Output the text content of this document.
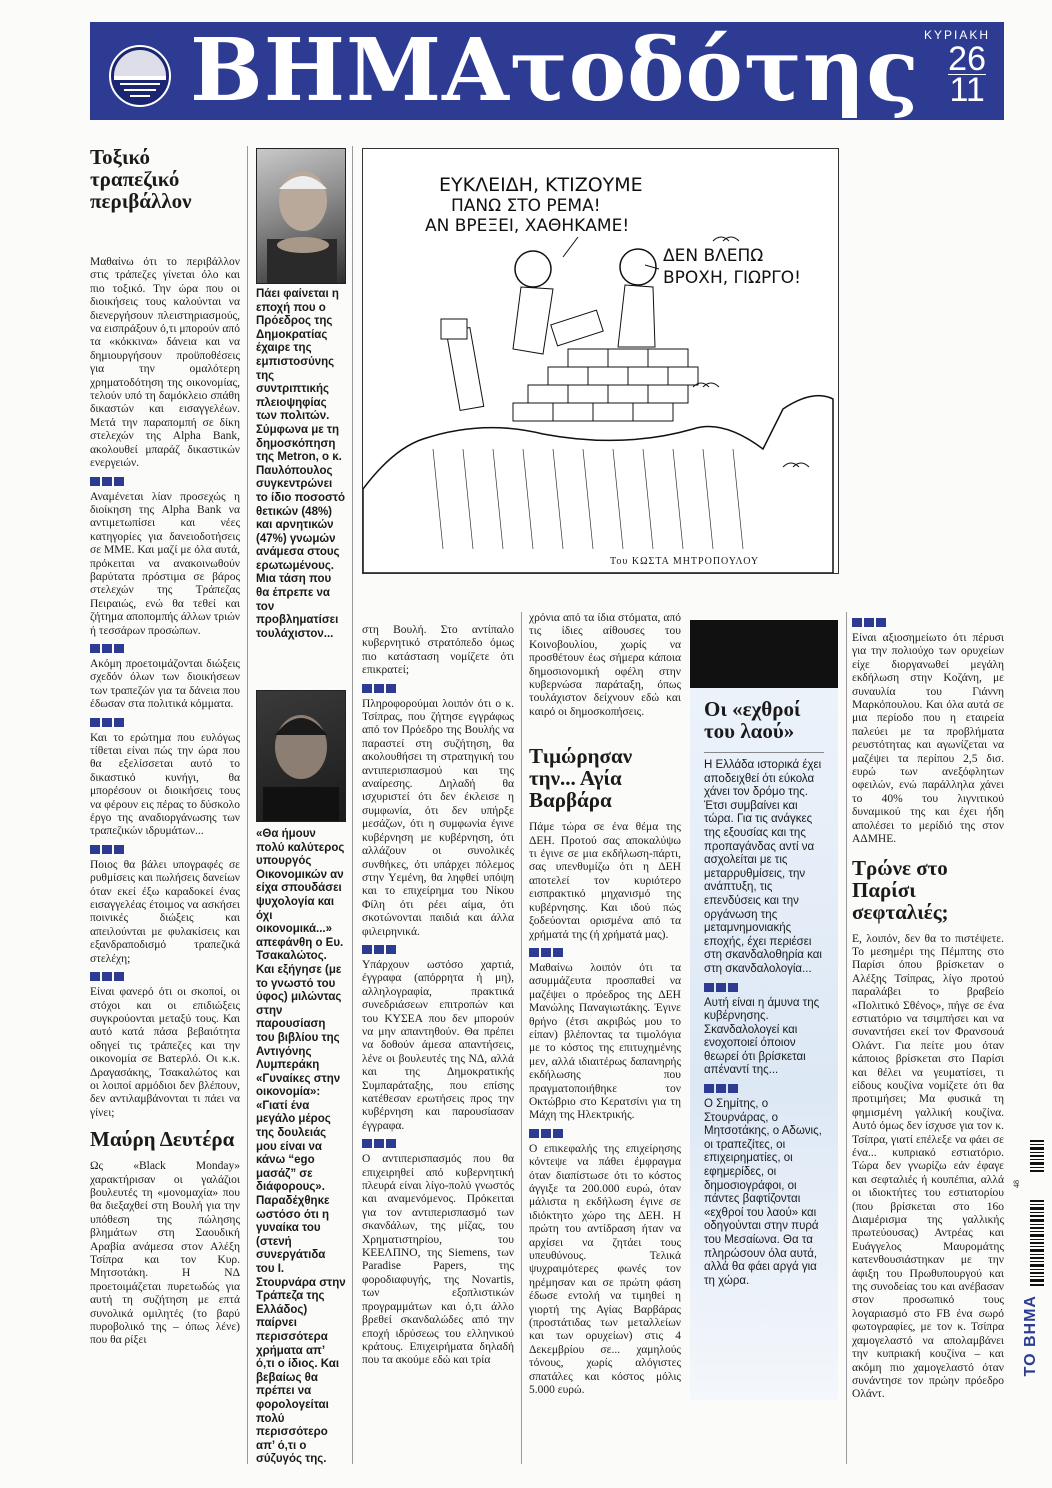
ΒΗΜΑτοδότης ΚΥΡΙΑΚΗ
26
11
Τοξικό τραπεζικό περιβάλλον

Μαθαίνω ότι το περιβάλλον στις τράπεζες γίνεται όλο και πιο τοξικό. Την ώρα που οι διοικήσεις τους καλούνται να διενεργήσουν πλειστηριασμούς, να εισπράξουν ό,τι μπορούν από τα «κόκκινα» δάνεια και να δημιουργήσουν προϋποθέσεις για την ομαλότερη χρηματοδότηση της οικονομίας, τελούν υπό τη δαμόκλειο σπάθη δικαστών και εισαγγελέων. Μετά την παραπομπή σε δίκη στελεχών της Alpha Bank, ακολουθεί μπαράζ δικαστικών ενεργειών.

Αναμένεται λίαν προσεχώς η διοίκηση της Alpha Bank να αντιμετωπίσει και νέες κατηγορίες για δανειοδοτήσεις σε ΜΜΕ. Και μαζί με όλα αυτά, πρόκειται να ανακοινωθούν βαρύτατα πρόστιμα σε βάρος στελεχών της Τράπεζας Πειραιώς, ενώ θα τεθεί και ζήτημα αποπομπής άλλων τριών ή τεσσάρων προσώπων.

Ακόμη προετοιμάζονται διώξεις σχεδόν όλων των διοικήσεων των τραπεζών για τα δάνεια που έδωσαν στα πολιτικά κόμματα.

Και το ερώτημα που ευλόγως τίθεται είναι πώς την ώρα που θα εξελίσσεται αυτό το δικαστικό κυνήγι, θα μπορέσουν οι διοικήσεις τους να φέρουν εις πέρας το δύσκολο έργο της αναδιοργάνωσης των τραπεζικών ιδρυμάτων...

Ποιος θα βάλει υπογραφές σε ρυθμίσεις και πωλήσεις δανείων όταν εκεί έξω καραδοκεί ένας εισαγγελέας έτοιμος να ασκήσει ποινικές διώξεις και απειλούνται με φυλακίσεις και εξανδραποδισμό τραπεζικά στελέχη;

Είναι φανερό ότι οι σκοποί, οι στόχοι και οι επιδιώξεις συγκρούονται μεταξύ τους. Και αυτό κατά πάσα βεβαιότητα οδηγεί τις τράπεζες και την οικονομία σε Βατερλό. Οι κ.κ. Δραγασάκης, Τσακαλώτος και οι λοιποί αρμόδιοι δεν βλέπουν, δεν αντιλαμβάνονται τι πάει να γίνει;

Μαύρη Δευτέρα

Ως «Black Monday» χαρακτήρισαν οι γαλάζιοι βουλευτές τη «μονομαχία» που θα διεξαχθεί στη Βουλή για την υπόθεση της πώλησης βλημάτων στη Σαουδική Αραβία ανάμεσα στον Αλέξη Τσίπρα και τον Κυρ. Μητσοτάκη. Η ΝΔ προετοιμάζεται πυρετωδώς για αυτή τη συζήτηση με επτά συνολικά ομιλητές (το βαρύ πυροβολικό της – όπως λένε) που θα ρίξει

Πάει φαίνεται η εποχή που ο Πρόεδρος της Δημοκρατίας έχαιρε της εμπιστοσύνης της συντριπτικής πλειοψηφίας των πολιτών. Σύμφωνα με τη δημοσκόπηση της Metron, ο κ. Παυλόπουλος συγκεντρώνει το ίδιο ποσοστό θετικών (48%) και αρνητικών (47%) γνωμών ανάμεσα στους ερωτωμένους. Μια τάση που θα έπρεπε να τον προβληματίσει τουλάχιστον...
«Θα ήμουν πολύ καλύτερος υπουργός Οικονομικών αν είχα σπουδάσει ψυχολογία και όχι οικονομικά...» απεφάνθη ο Ευ. Τσακαλώτος. Και εξήγησε (με το γνωστό του ύφος) μιλώντας στην παρουσίαση του βιβλίου της Αντιγόνης Λυμπεράκη «Γυναίκες στην οικονομία»: «Γιατί ένα μεγάλο μέρος της δουλειάς μου είναι να κάνω “ego μασάζ” σε διάφορους». Παραδέχθηκε ωστόσο ότι η γυναίκα του (στενή συνεργάτιδα του Ι. Στουρνάρα στην Τράπεζα της Ελλάδος) παίρνει περισσότερα χρήματα απ’ ό,τι ο ίδιος. Και βεβαίως θα πρέπει να φορολογείται πολύ περισσότερο απ’ ό,τι ο σύζυγός της.
ΕΥΚΛΕΙΔΗ, ΚΤΙΖΟΥΜΕ
ΠΑΝΩ ΣΤΟ ΡΕΜΑ!
ΑΝ ΒΡΕΞΕΙ, ΧΑΘΗΚΑΜΕ!
ΔΕΝ ΒΛΕΠΩ
ΒΡΟΧΗ, ΓΙΩΡΓΟ!
Του ΚΩΣΤΑ ΜΗΤΡΟΠΟΥΛΟΥ

στη Βουλή. Στο αντίπαλο κυβερνητικό στρατόπεδο όμως πιο κατάσταση νομίζετε ότι επικρατεί;

Πληροφορούμαι λοιπόν ότι ο κ. Τσίπρας, που ζήτησε εγγράφως από τον Πρόεδρο της Βουλής να παραστεί στη συζήτηση, θα ακολουθήσει τη στρατηγική του αντιπερισπασμού και της αναίρεσης. Δηλαδή θα ισχυριστεί ότι δεν έκλεισε η συμφωνία, ότι δεν υπήρξε μεσάζων, ότι η συμφωνία έγινε κυβέρνηση με κυβέρνηση, ότι αλλάζουν οι συνολικές συνθήκες, ότι υπάρχει πόλεμος στην Υεμένη, θα ληφθεί υπόψη και το επιχείρημα του Νίκου Φίλη ότι ρέει αίμα, ότι σκοτώνονται παιδιά και άλλα φιλειρηνικά.

Υπάρχουν ωστόσο χαρτιά, έγγραφα (απόρρητα ή μη), αλληλογραφία, πρακτικά συνεδριάσεων επιτροπών και του ΚΥΣΕΑ που δεν μπορούν να μην απαντηθούν. Θα πρέπει να δοθούν άμεσα απαντήσεις, λένε οι βουλευτές της ΝΔ, αλλά και της Δημοκρατικής Συμπαράταξης, που επίσης κατέθεσαν ερωτήσεις προς την κυβέρνηση και παρουσίασαν έγγραφα.

Ο αντιπερισπασμός που θα επιχειρηθεί από κυβερνητική πλευρά είναι λίγο-πολύ γνωστός και αναμενόμενος. Πρόκειται για τον αντιπερισπασμό των σκανδάλων, της μίζας, του Χρηματιστηρίου, του ΚΕΕΛΠΝΟ, της Siemens, των Paradise Papers, της φοροδιαφυγής, της Novartis, των εξοπλιστικών προγραμμάτων και ό,τι άλλο βρεθεί σκανδαλώδες από την εποχή ιδρύσεως του ελληνικού κράτους. Επιχειρήματα δηλαδή που τα ακούμε εδώ και τρία

χρόνια από τα ίδια στόματα, από τις ίδιες αίθουσες του Κοινοβουλίου, χωρίς να προσθέτουν έως σήμερα κάποια δημοσιονομική οφέλη στην κυβερνώσα παράταξη, όπως τουλάχιστον δείχνουν εδώ και καιρό οι δημοσκοπήσεις.

Τιμώρησαν την... Αγία Βαρβάρα

Πάμε τώρα σε ένα θέμα της ΔΕΗ. Προτού σας αποκαλύψω τι έγινε σε μια εκδήλωση-πάρτι, σας υπενθυμίζω ότι η ΔΕΗ αποτελεί τον κυριότερο εισπρακτικό μηχανισμό της κυβέρνησης. Και ιδού πώς ξοδεύονται ορισμένα από τα χρήματά της (ή χρήματά μας).

Μαθαίνω λοιπόν ότι τα ασυμμάζευτα προσπαθεί να μαζέψει ο πρόεδρος της ΔΕΗ Μανώλης Παναγιωτάκης. Έγινε θρήνο (έτσι ακριβώς μου το είπαν) βλέποντας τα τιμολόγια με το κόστος της επιτυχημένης μεν, αλλά ιδιαιτέρως δαπανηρής εκδήλωσης που πραγματοποιήθηκε τον Οκτώβριο στο Κερατσίνι για τη Μάχη της Ηλεκτρικής.

Ο επικεφαλής της επιχείρησης κόντεψε να πάθει έμφραγμα όταν διαπίστωσε ότι το κόστος άγγιξε τα 200.000 ευρώ, όταν μάλιστα η εκδήλωση έγινε σε ιδιόκτητο χώρο της ΔΕΗ. Η πρώτη του αντίδραση ήταν να αρχίσει να ζητάει τους υπευθύνους. Τελικά ψυχραιμότερες φωνές τον ηρέμησαν και σε πρώτη φάση έδωσε εντολή να τιμηθεί η γιορτή της Αγίας Βαρβάρας (προστάτιδας των μεταλλείων και των ορυχείων) στις 4 Δεκεμβρίου σε... χαμηλούς τόνους, χωρίς αλόγιστες σπατάλες και κόστος μόλις 5.000 ευρώ.

Οι «εχθροί του λαού»

Η Ελλάδα ιστορικά έχει αποδειχθεί ότι εύκολα χάνει τον δρόμο της. Έτσι συμβαίνει και τώρα. Για τις ανάγκες της εξουσίας και της προπαγάνδας αντί να ασχολείται με τις μεταρρυθμίσεις, την ανάπτυξη, τις επενδύσεις και την οργάνωση της μεταμνημονιακής εποχής, έχει περιέσει στη σκανδαλοθηρία και στη σκανδαλολογία...

Αυτή είναι η άμυνα της κυβέρνησης. Σκανδαλολογεί και ενοχοποιεί όποιον θεωρεί ότι βρίσκεται απέναντί της...

Ο Σημίτης, ο Στουρνάρας, ο Μητσοτάκης, ο Αδωνις, οι τραπεζίτες, οι επιχειρηματίες, οι εφημερίδες, οι δημοσιογράφοι, οι πάντες βαφτίζονται «εχθροί του λαού» και οδηγούνται στην πυρά του Μεσαίωνα. Θα τα πληρώσουν όλα αυτά, αλλά θα φάει αργά για τη χώρα.

Είναι αξιοσημείωτο ότι πέρυσι για την πολιούχο των ορυχείων είχε διοργανωθεί μεγάλη εκδήλωση στην Κοζάνη, με συναυλία του Γιάννη Μαρκόπουλου. Και όλα αυτά σε μια περίοδο που η εταιρεία παλεύει με τα προβλήματα ρευστότητας και αγωνίζεται να μαζέψει τα περίπου 2,5 δισ. ευρώ των ανεξόφλητων οφειλών, ενώ παράλληλα χάνει το 40% του λιγνιτικού δυναμικού της και έχει ήδη απολέσει το μερίδιό της στον ΑΔΜΗΕ.

Τρώνε στο Παρίσι σεφταλιές;

Ε, λοιπόν, δεν θα το πιστέψετε. Το μεσημέρι της Πέμπτης στο Παρίσι όπου βρίσκεταν ο Αλέξης Τσίπρας, λίγο προτού παραλάβει το βραβείο «Πολιτικό Σθένος», πήγε σε ένα εστιατόριο να τσιμπήσει και να συναντήσει εκεί τον Φρανσουά Ολάντ. Για πείτε μου όταν κάποιος βρίσκεται στο Παρίσι και θέλει να γευματίσει, τι είδους κουζίνα νομίζετε ότι θα προτιμήσει; Μα φυσικά τη φημισμένη γαλλική κουζίνα. Αυτό όμως δεν ίσχυσε για τον κ. Τσίπρα, γιατί επέλεξε να φάει σε ένα... κυπριακό εστιατόριο. Τώρα δεν γνωρίζω εάν έφαγε και σεφταλιές ή κουπέπια, αλλά οι ιδιοκτήτες του εστιατορίου (που βρίσκεται στο 16ο Διαμέρισμα της γαλλικής πρωτεύουσας) Αντρέας και Ευάγγελος Μαυρομάτης κατενθουσιάστηκαν με την άφιξη του Πρωθυπουργού και της συνοδείας του και ανέβασαν στον προσωπικό τους λογαριασμό στο FB ένα σωρό φωτογραφίες, με τον κ. Τσίπρα χαμογελαστό να απολαμβάνει την κυπριακή κουζίνα – και ακόμη πιο χαμογελαστό όταν συνάντησε τον πρώην πρόεδρο Ολάντ.

48
ΤΟ ΒΗΜΑ
